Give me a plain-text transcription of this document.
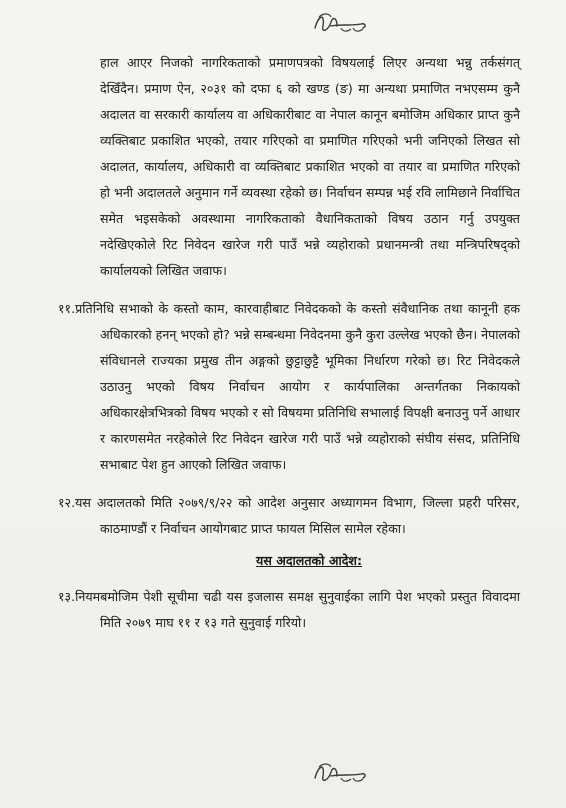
हाल आएर निजको नागरिकताको प्रमाणपत्रको विषयलाई लिएर अन्यथा भन्नु तर्कसंगत् देखिँदैन। प्रमाण ऐन, २०३१ को दफा ६ को खण्ड (ङ) मा अन्यथा प्रमाणित नभएसम्म कुनै अदालत वा सरकारी कार्यालय वा अधिकारीबाट वा नेपाल कानून बमोजिम अधिकार प्राप्त कुनै व्यक्तिबाट प्रकाशित भएको, तयार गरिएको वा प्रमाणित गरिएको भनी जनिएको लिखत सो अदालत, कार्यालय, अधिकारी वा व्यक्तिबाट प्रकाशित भएको वा तयार वा प्रमाणित गरिएको हो भनी अदालतले अनुमान गर्ने व्यवस्था रहेको छ। निर्वाचन सम्पन्न भई रवि लामिछाने निर्वाचित समेत भइसकेको अवस्थामा नागरिकताको वैधानिकताको विषय उठान गर्नु उपयुक्त नदेखिएकोले रिट निवेदन खारेज गरी पाउँ भन्ने व्यहोराको प्रधानमन्त्री तथा मन्त्रिपरिषद्को कार्यालयको लिखित जवाफ।

११.प्रतिनिधि सभाको के कस्तो काम, कारवाहीबाट निवेदकको के कस्तो संवैधानिक तथा कानूनी हक अधिकारको हनन् भएको हो? भन्ने सम्बन्धमा निवेदनमा कुनै कुरा उल्लेख भएको छैन। नेपालको संविधानले राज्यका प्रमुख तीन अङ्गको छुट्टाछुट्टै भूमिका निर्धारण गरेको छ। रिट निवेदकले उठाउनु भएको विषय निर्वाचन आयोग र कार्यपालिका अन्तर्गतका निकायको अधिकारक्षेत्रभित्रको विषय भएको र सो विषयमा प्रतिनिधि सभालाई विपक्षी बनाउनु पर्ने आधार र कारणसमेत नरहेकोले रिट निवेदन खारेज गरी पाउँ भन्ने व्यहोराको संघीय संसद, प्रतिनिधि सभाबाट पेश हुन आएको लिखित जवाफ।

१२.यस अदालतको मिति २०७९/९/२२ को आदेश अनुसार अध्यागमन विभाग, जिल्ला प्रहरी परिसर, काठमाण्डौं र निर्वाचन आयोगबाट प्राप्त फायल मिसिल सामेल रहेका।

यस अदालतको आदेश:

१३.नियमबमोजिम पेशी सूचीमा चढी यस इजलास समक्ष सुनुवाईका लागि पेश भएको प्रस्तुत विवादमा मिति २०७९ माघ ११ र १३ गते सुनुवाई गरियो।
